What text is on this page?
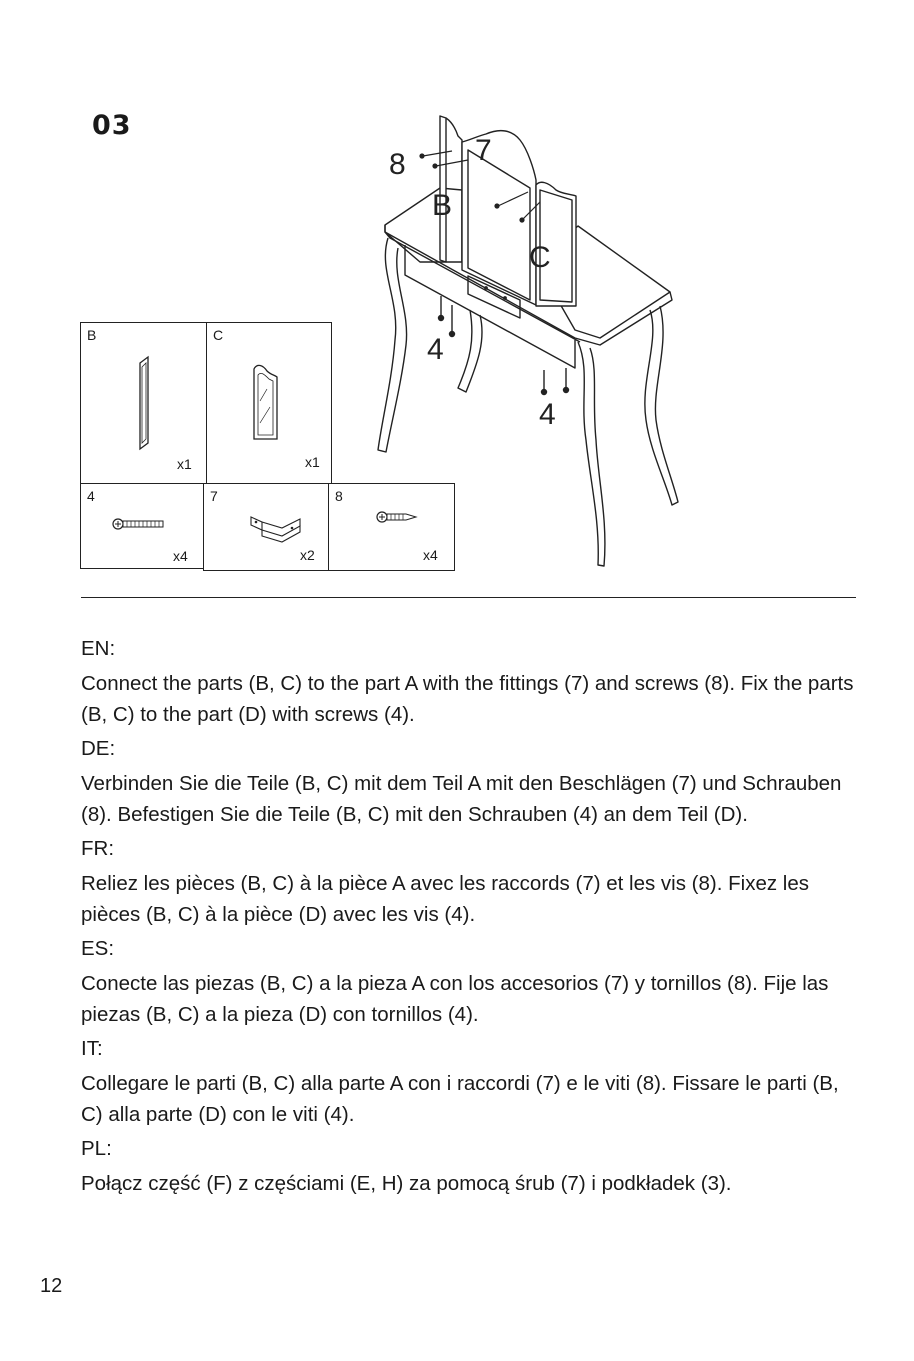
03
8 7
B
C
4
4
B
x1
C
x1
4
x4
7
x2
8
x4
EN:
Connect the parts (B, C) to the part A with the fittings (7) and screws (8). Fix the parts (B, C) to the part (D) with screws (4).
DE:
Verbinden Sie die Teile (B, C) mit dem Teil A mit den Beschlägen (7) und Schrauben (8). Befestigen Sie die Teile (B, C) mit den Schrauben (4) an dem Teil (D).
FR:
Reliez les pièces (B, C) à la pièce A avec les raccords (7) et les vis (8). Fixez les pièces (B, C) à la pièce (D) avec les vis (4).
ES:
Conecte las piezas (B, C) a la pieza A con los accesorios (7) y tornillos (8). Fije las piezas (B, C) a la pieza (D) con tornillos (4).
IT:
Collegare le parti (B, C) alla parte A con i raccordi (7) e le viti (8). Fissare le parti (B, C) alla parte (D) con le viti (4).
PL:
Połącz część (F) z częściami (E, H) za pomocą śrub (7) i podkładek (3).
12
